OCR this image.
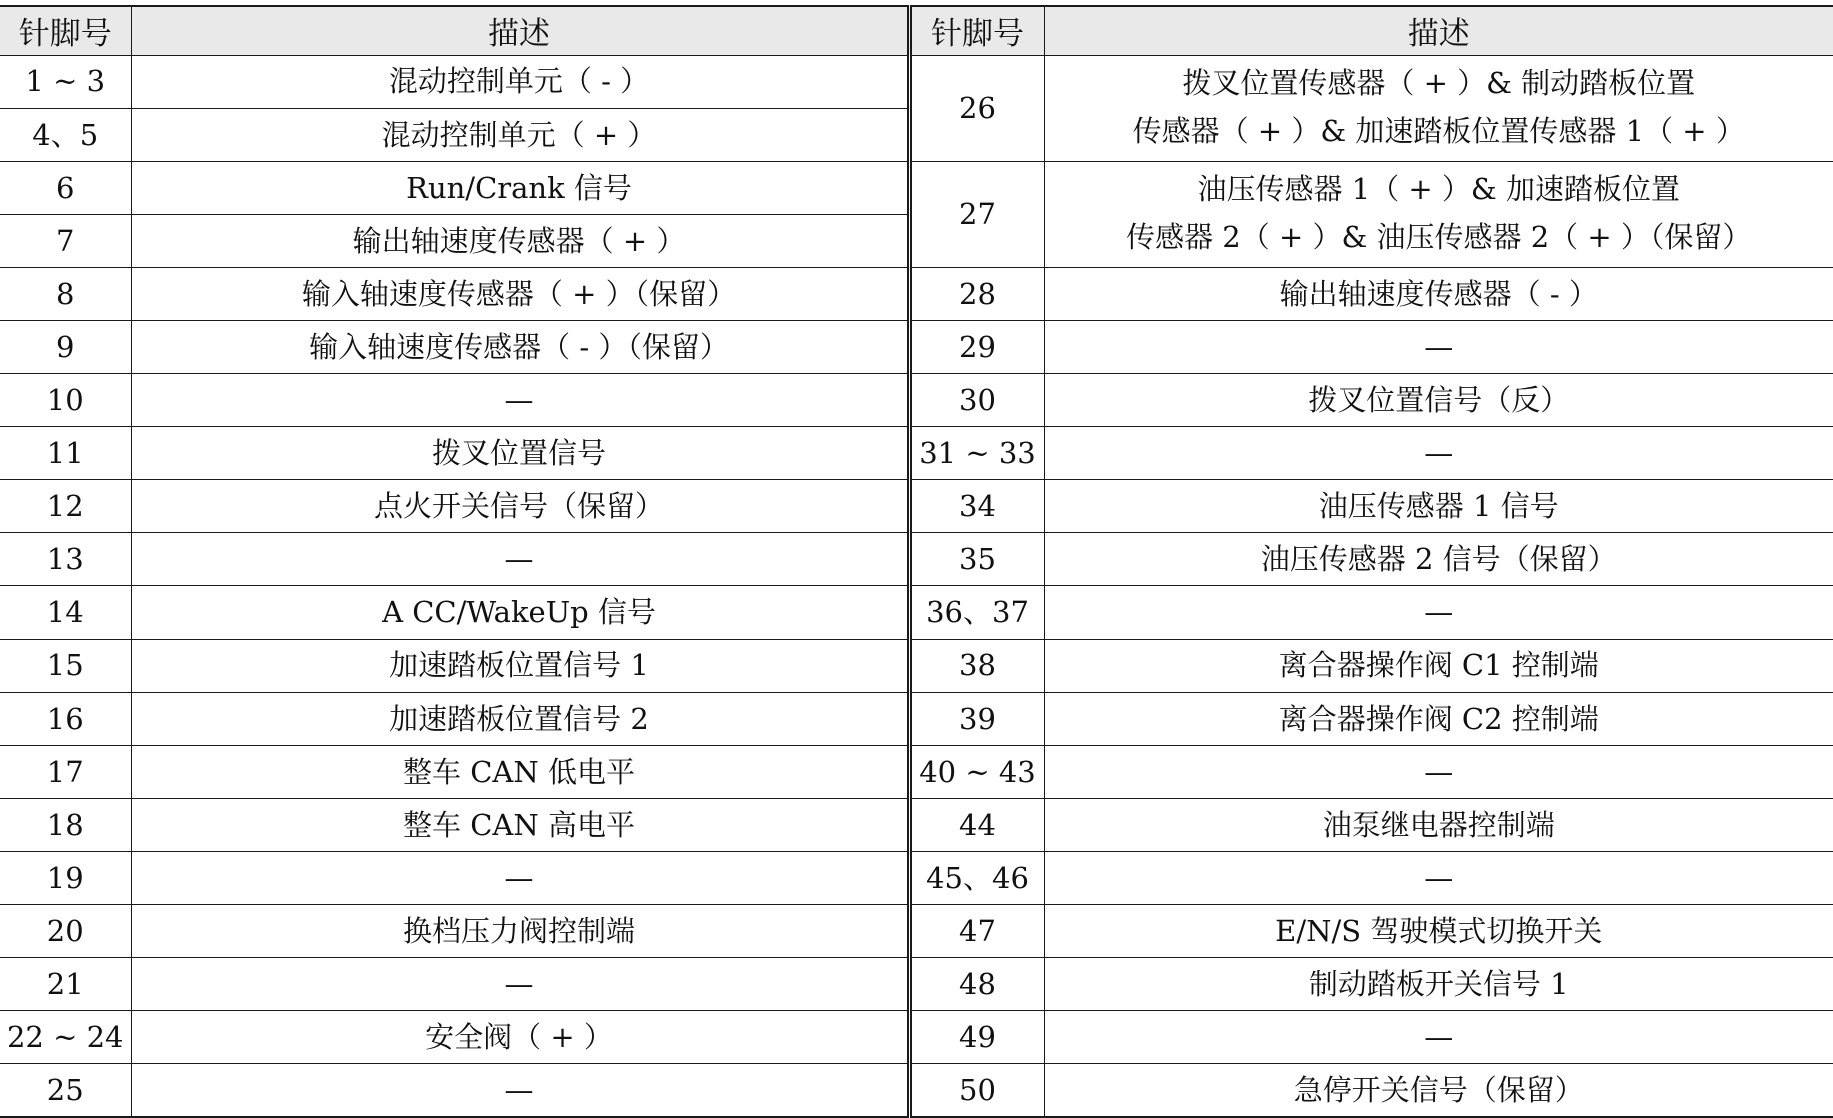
针脚号	描述	针脚号	描述
1 ~ 3	混动控制单元（ - ）	26	拨叉位置传感器（ + ）& 制动踏板位置
传感器（ + ）& 加速踏板位置传感器 1（ + ）

4、5	混动控制单元（ + ）		
6	Run/Crank 信号	27	油压传感器 1（ + ）& 加速踏板位置
传感器 2（ + ）& 油压传感器 2（ + ）（保留）

7	输出轴速度传感器（ + ）		
8	输入轴速度传感器（ + ）（保留）	28	输出轴速度传感器（ - ）
9	输入轴速度传感器（ - ）（保留）	29	—
10	—	30	拨叉位置信号（反）
11	拨叉位置信号	31 ~ 33	—
12	点火开关信号（保留）	34	油压传感器 1 信号
13	—	35	油压传感器 2 信号（保留）
14	A CC/WakeUp 信号	36、37	—
15	加速踏板位置信号 1	38	离合器操作阀 C1 控制端
16	加速踏板位置信号 2	39	离合器操作阀 C2 控制端
17	整车 CAN 低电平	40 ~ 43	—
18	整车 CAN 高电平	44	油泵继电器控制端
19	—	45、46	—
20	换档压力阀控制端	47	E/N/S 驾驶模式切换开关
21	—	48	制动踏板开关信号 1
22 ~ 24	安全阀（ + ）	49	—
25	—	50	急停开关信号（保留）
